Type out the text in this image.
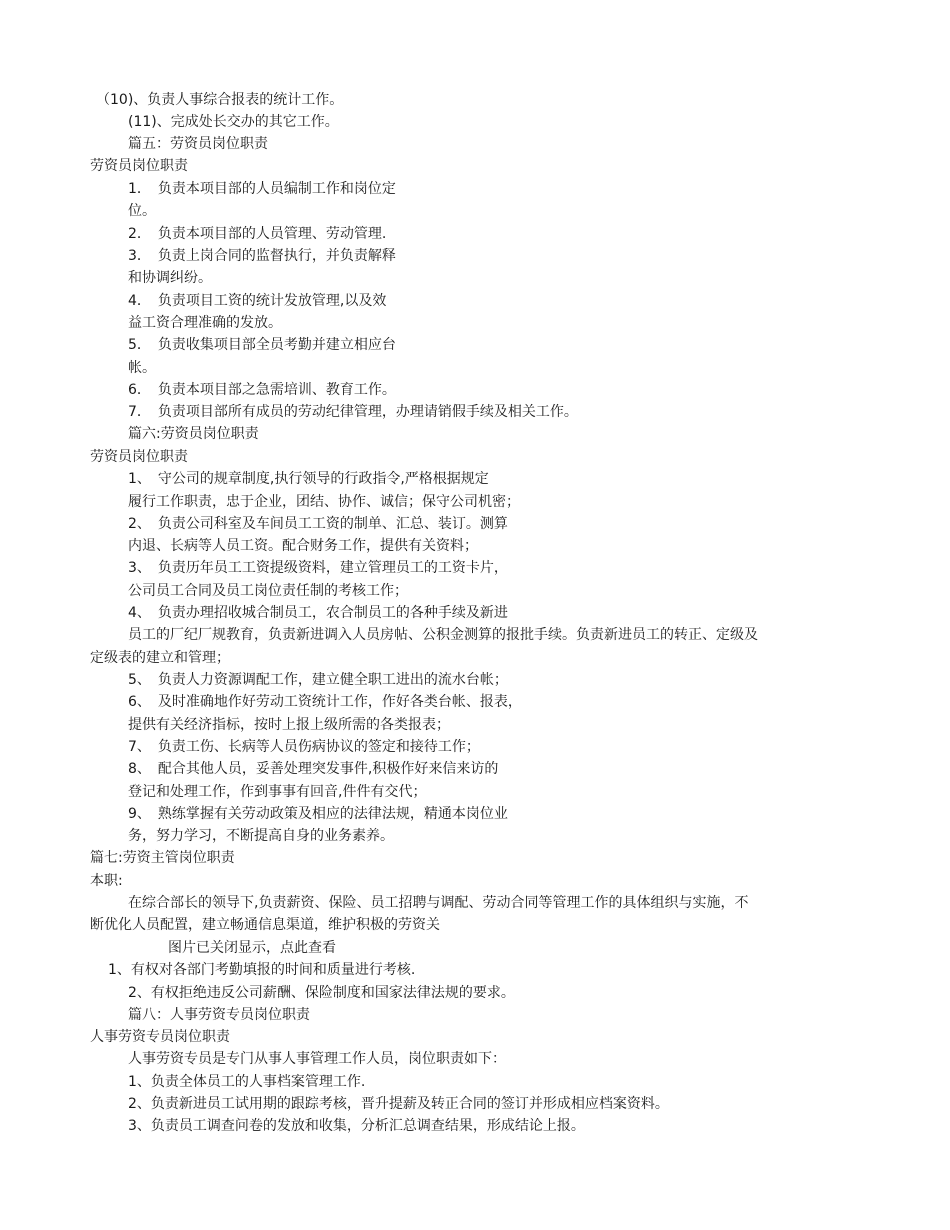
（10)、负责人事综合报表的统计工作。
(11)、完成处长交办的其它工作。
篇五：劳资员岗位职责
劳资员岗位职责
1．　负责本项目部的人员编制工作和岗位定
位。
2．　负责本项目部的人员管理、劳动管理.
3．　负责上岗合同的监督执行，并负责解释
和协调纠纷。
4．　负责项目工资的统计发放管理,以及效
益工资合理准确的发放。
5．　负责收集项目部全员考勤并建立相应台
帐。
6．　负责本项目部之急需培训、教育工作。
7．　负责项目部所有成员的劳动纪律管理，办理请销假手续及相关工作。
篇六:劳资员岗位职责
劳资员岗位职责
1、　守公司的规章制度,执行领导的行政指令,严格根据规定
履行工作职责，忠于企业，团结、协作、诚信；保守公司机密；
2、　负责公司科室及车间员工工资的制单、汇总、装订。测算
内退、长病等人员工资。配合财务工作，提供有关资料；
3、　负责历年员工工资提级资料，建立管理员工的工资卡片，
公司员工合同及员工岗位责任制的考核工作；
4、　负责办理招收城合制员工，农合制员工的各种手续及新进
员工的厂纪厂规教育，负责新进调入人员房帖、公积金测算的报批手续。负责新进员工的转正、定级及
定级表的建立和管理；
5、　负责人力资源调配工作，建立健全职工进出的流水台帐；
6、　及时准确地作好劳动工资统计工作，作好各类台帐、报表，
提供有关经济指标，按时上报上级所需的各类报表；
7、　负责工伤、长病等人员伤病协议的签定和接待工作；
8、　配合其他人员，妥善处理突发事件,积极作好来信来访的
登记和处理工作，作到事事有回音,件件有交代；
9、　熟练掌握有关劳动政策及相应的法律法规，精通本岗位业
务，努力学习，不断提高自身的业务素养。
篇七:劳资主管岗位职责
本职:
在综合部长的领导下,负责薪资、保险、员工招聘与调配、劳动合同等管理工作的具体组织与实施，不
断优化人员配置，建立畅通信息渠道，维护积极的劳资关
图片已关闭显示，点此查看
1、有权对各部门考勤填报的时间和质量进行考核.
2、有权拒绝违反公司薪酬、保险制度和国家法律法规的要求。
篇八：人事劳资专员岗位职责
人事劳资专员岗位职责
人事劳资专员是专门从事人事管理工作人员，岗位职责如下：
1、负责全体员工的人事档案管理工作.
2、负责新进员工试用期的跟踪考核，晋升提薪及转正合同的签订并形成相应档案资料。
3、负责员工调查问卷的发放和收集，分析汇总调查结果，形成结论上报。
